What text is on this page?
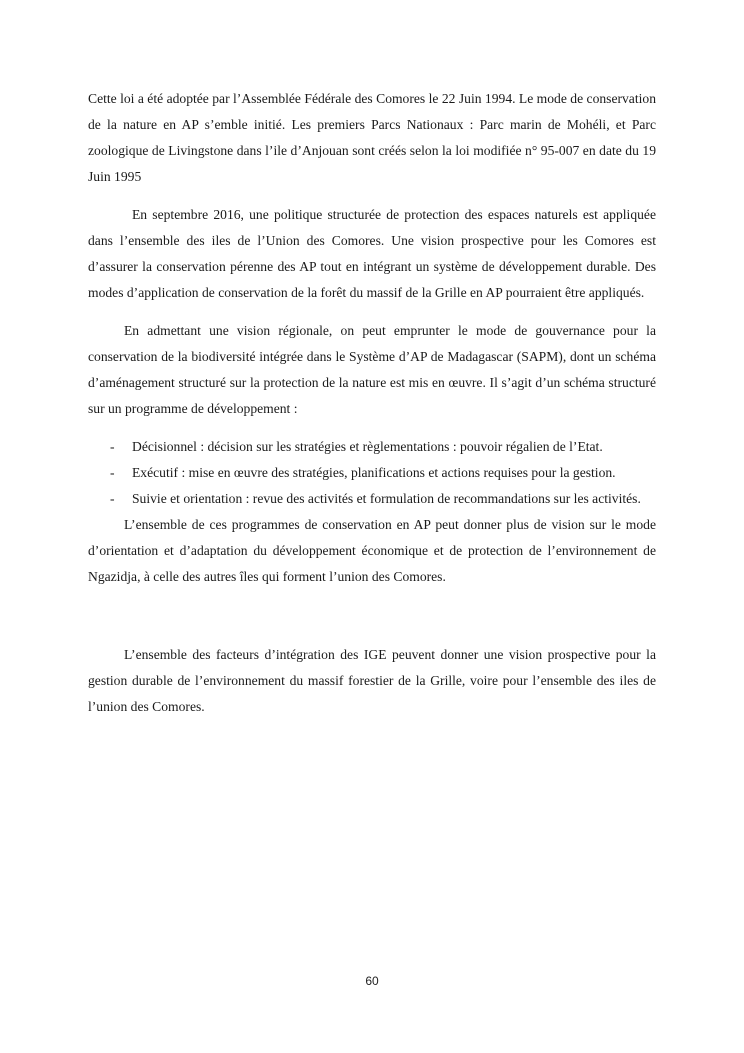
Cette loi a été adoptée par l’Assemblée Fédérale des Comores le 22 Juin 1994. Le mode de conservation de la nature en AP s’emble initié. Les premiers Parcs Nationaux : Parc marin de Mohéli, et Parc zoologique de Livingstone dans l’ile d’Anjouan sont créés selon la loi modifiée n° 95-007 en date du 19 Juin 1995

En septembre 2016, une politique structurée de protection des espaces naturels est appliquée dans l’ensemble des iles de l’Union des Comores. Une vision prospective pour les Comores est d’assurer la conservation pérenne des AP tout en intégrant un système de développement durable. Des modes d’application de conservation de la forêt du massif de la Grille en AP pourraient être appliqués.

En admettant une vision régionale, on peut emprunter le mode de gouvernance pour la conservation de la biodiversité intégrée dans le Système d’AP de Madagascar (SAPM), dont un schéma d’aménagement structuré sur la protection de la nature est mis en œuvre. Il s’agit d’un schéma structuré sur un programme de développement :

- Décisionnel : décision sur les stratégies et règlementations : pouvoir régalien de l’Etat.
- Exécutif : mise en œuvre des stratégies, planifications et actions requises pour la gestion.
- Suivie et orientation : revue des activités et formulation de recommandations sur les activités.

L’ensemble de ces programmes de conservation en AP peut donner plus de vision sur le mode d’orientation et d’adaptation du développement économique et de protection de l’environnement de Ngazidja, à celle des autres îles qui forment l’union des Comores.

L’ensemble des facteurs d’intégration des IGE peuvent donner une vision prospective pour la gestion durable de l’environnement du massif forestier de la Grille, voire pour l’ensemble des iles de l’union des Comores.

60
